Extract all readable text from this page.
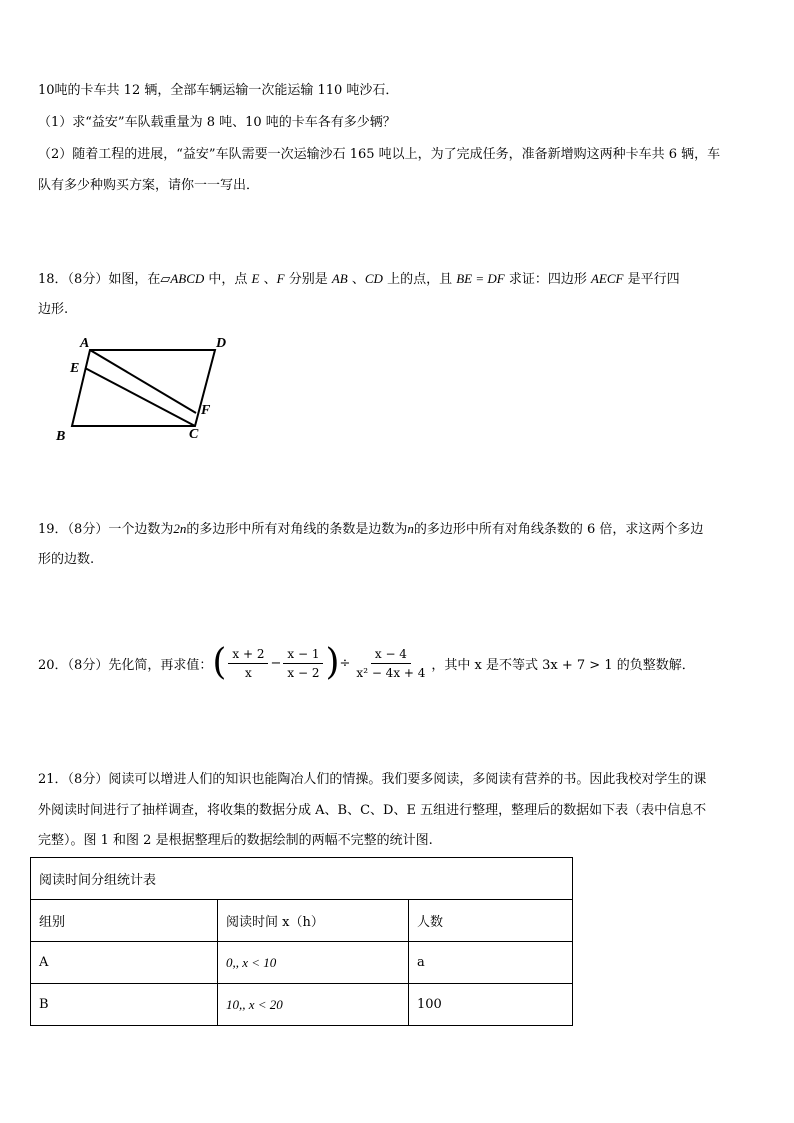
10吨的卡车共 12 辆，全部车辆运输一次能运输 110 吨沙石．
（1）求“益安”车队载重量为 8 吨、10 吨的卡车各有多少辆？
（2）随着工程的进展，“益安”车队需要一次运输沙石 165 吨以上，为了完成任务，准备新增购这两种卡车共 6 辆，车
队有多少种购买方案，请你一一写出．
18．（8分）如图，在▱ABCD 中，点 E 、F 分别是 AB 、CD 上的点，且 BE = DF 求证：四边形 AECF 是平行四
边形.
A	D
E
F
B	C
19．（8分）一个边数为2n的多边形中所有对角线的条数是边数为n的多边形中所有对角线条数的 6 倍，求这两个多边
形的边数.
20．（8分）先化简，再求值： ( $\frac{x + 2}{x} - \frac{x - 1}{x - 2}$ ) ÷ $\frac{x - 4}{\text{x² − 4x + 4}}$ ，其中 x 是不等式 3x + 7 > 1 的负整数解．
21．（8分）阅读可以增进人们的知识也能陶冶人们的情操。我们要多阅读，多阅读有营养的书。因此我校对学生的课
外阅读时间进行了抽样调查，将收集的数据分成 A、B、C、D、E 五组进行整理，整理后的数据如下表（表中信息不
完整）。图 1 和图 2 是根据整理后的数据绘制的两幅不完整的统计图.
阅读时间分组统计表		
组别	阅读时间 x（h）	人数
A	0,, x < 10	a
B	10,, x < 20	100
